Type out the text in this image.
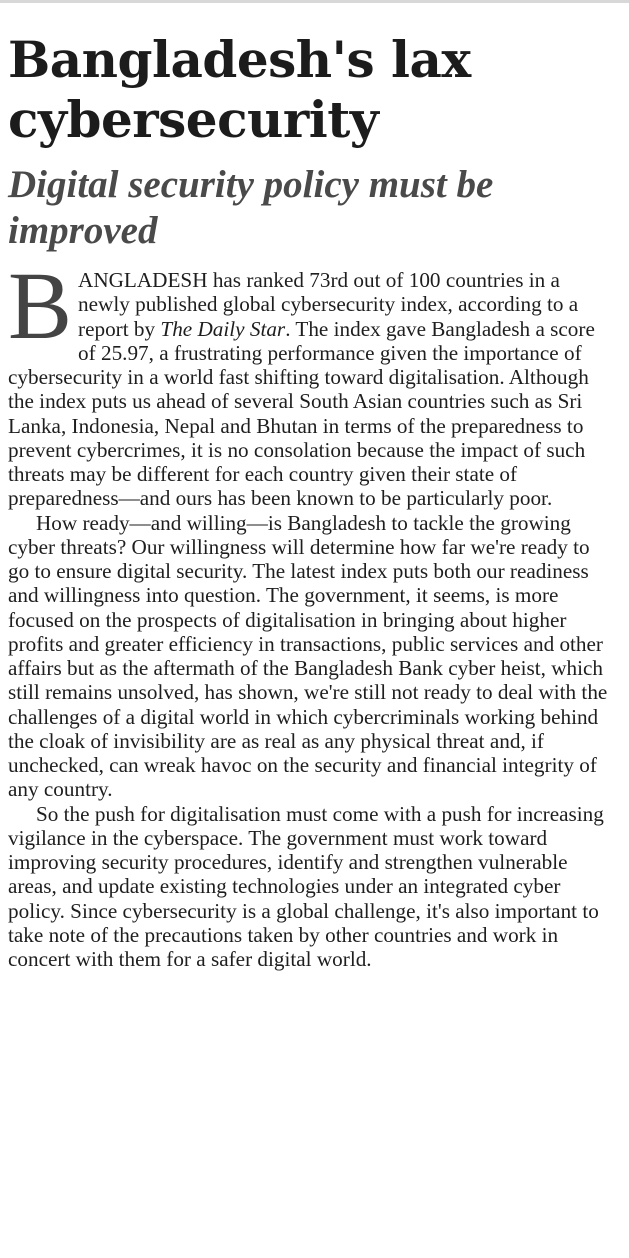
Bangladesh's lax cybersecurity
Digital security policy must be improved

BANGLADESH has ranked 73rd out of 100 countries in a newly published global cybersecurity index, according to a report by The Daily Star. The index gave Bangladesh a score of 25.97, a frustrating performance given the importance of cybersecurity in a world fast shifting toward digitalisation. Although the index puts us ahead of several South Asian countries such as Sri Lanka, Indonesia, Nepal and Bhutan in terms of the preparedness to prevent cybercrimes, it is no consolation because the impact of such threats may be different for each country given their state of preparedness—and ours has been known to be particularly poor.

How ready—and willing—is Bangladesh to tackle the growing cyber threats? Our willingness will determine how far we're ready to go to ensure digital security. The latest index puts both our readiness and willingness into question. The government, it seems, is more focused on the prospects of digitalisation in bringing about higher profits and greater efficiency in transactions, public services and other affairs but as the aftermath of the Bangladesh Bank cyber heist, which still remains unsolved, has shown, we're still not ready to deal with the challenges of a digital world in which cybercriminals working behind the cloak of invisibility are as real as any physical threat and, if unchecked, can wreak havoc on the security and financial integrity of any country.

So the push for digitalisation must come with a push for increasing vigilance in the cyberspace. The government must work toward improving security procedures, identify and strengthen vulnerable areas, and update existing technologies under an integrated cyber policy. Since cybersecurity is a global challenge, it's also important to take note of the precautions taken by other countries and work in concert with them for a safer digital world.
